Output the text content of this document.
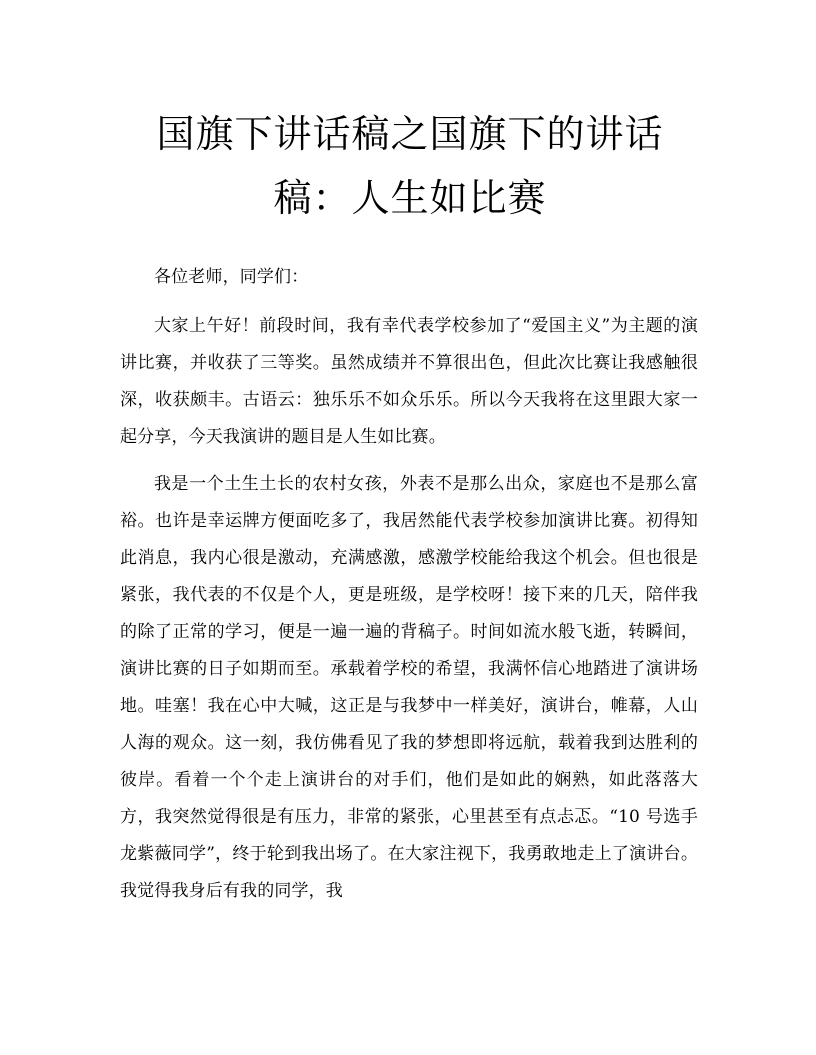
国旗下讲话稿之国旗下的讲话稿：人生如比赛

各位老师，同学们：

大家上午好！前段时间，我有幸代表学校参加了“爱国主义”为主题的演讲比赛，并收获了三等奖。虽然成绩并不算很出色，但此次比赛让我感触很深，收获颇丰。古语云：独乐乐不如众乐乐。所以今天我将在这里跟大家一起分享，今天我演讲的题目是人生如比赛。

我是一个土生土长的农村女孩，外表不是那么出众，家庭也不是那么富裕。也许是幸运牌方便面吃多了，我居然能代表学校参加演讲比赛。初得知此消息，我内心很是激动，充满感激，感激学校能给我这个机会。但也很是紧张，我代表的不仅是个人，更是班级，是学校呀！接下来的几天，陪伴我的除了正常的学习，便是一遍一遍的背稿子。时间如流水般飞逝，转瞬间，演讲比赛的日子如期而至。承载着学校的希望，我满怀信心地踏进了演讲场地。哇塞！我在心中大喊，这正是与我梦中一样美好，演讲台，帷幕，人山人海的观众。这一刻，我仿佛看见了我的梦想即将远航，载着我到达胜利的彼岸。看着一个个走上演讲台的对手们，他们是如此的娴熟，如此落落大方，我突然觉得很是有压力，非常的紧张，心里甚至有点忐忑。“10 号选手龙紫薇同学”，终于轮到我出场了。在大家注视下，我勇敢地走上了演讲台。我觉得我身后有我的同学，我
